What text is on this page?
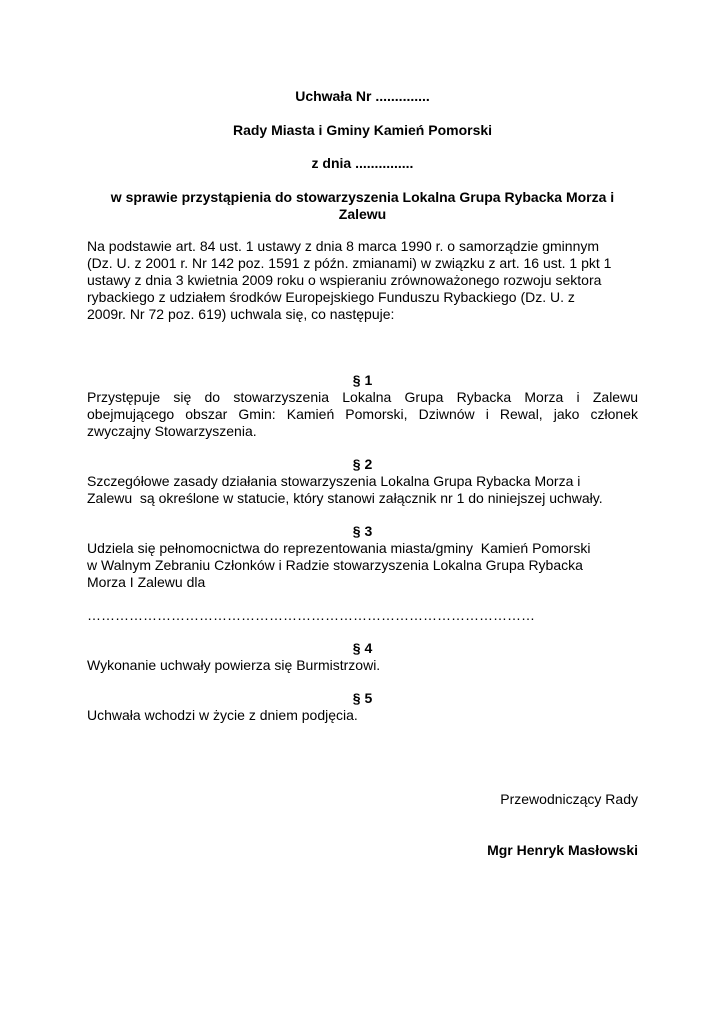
Uchwała Nr ..............
Rady Miasta i Gminy Kamień Pomorski
z dnia ...............
w sprawie przystąpienia do stowarzyszenia Lokalna Grupa Rybacka Morza i
Zalewu
Na podstawie art. 84 ust. 1 ustawy z dnia 8 marca 1990 r. o samorządzie gminnym
(Dz. U. z 2001 r. Nr 142 poz. 1591 z późn. zmianami) w związku z art. 16 ust. 1 pkt 1
ustawy z dnia 3 kwietnia 2009 roku o wspieraniu zrównoważonego rozwoju sektora
rybackiego z udziałem środków Europejskiego Funduszu Rybackiego (Dz. U. z
2009r. Nr 72 poz. 619) uchwala się, co następuje:
§ 1
Przystępuje się do stowarzyszenia Lokalna Grupa Rybacka Morza i Zalewu
obejmującego obszar Gmin: Kamień Pomorski, Dziwnów i Rewal, jako członek
zwyczajny Stowarzyszenia.
§ 2
Szczegółowe zasady działania stowarzyszenia Lokalna Grupa Rybacka Morza i
Zalewu  są określone w statucie, który stanowi załącznik nr 1 do niniejszej uchwały.
§ 3
Udziela się pełnomocnictwa do reprezentowania miasta/gminy  Kamień Pomorski
w Walnym Zebraniu Członków i Radzie stowarzyszenia Lokalna Grupa Rybacka
Morza I Zalewu dla
……………………………………………………………………………………
§ 4
Wykonanie uchwały powierza się Burmistrzowi.
§ 5
Uchwała wchodzi w życie z dniem podjęcia.
Przewodniczący Rady
Mgr Henryk Masłowski
